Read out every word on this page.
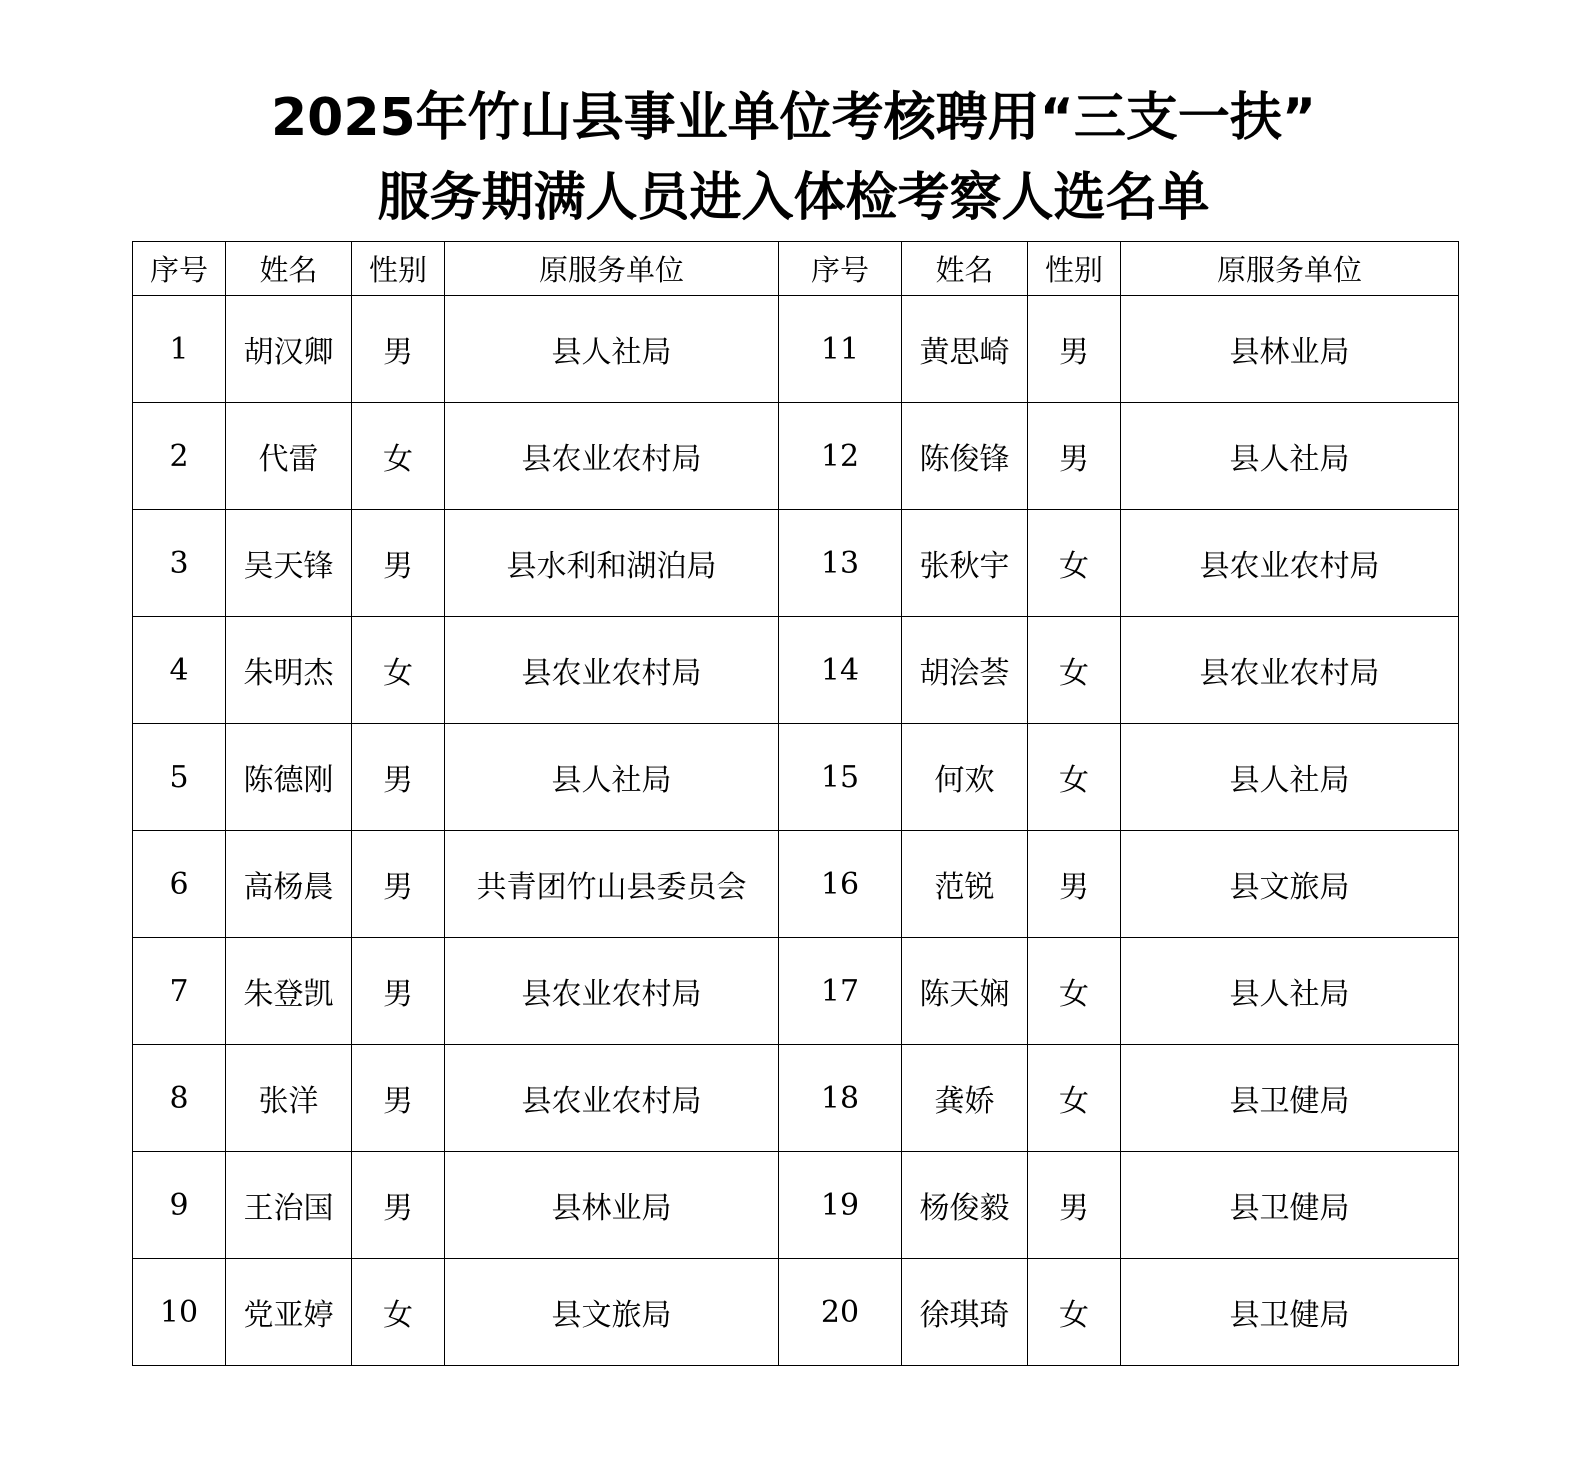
2025年竹山县事业单位考核聘用“三支一扶”
服务期满人员进入体检考察人选名单
序号	姓名	性别	原服务单位	序号	姓名	性别	原服务单位
1	胡汉卿	男	县人社局	11	黄思崎	男	县林业局
2	代雷	女	县农业农村局	12	陈俊锋	男	县人社局
3	吴天锋	男	县水利和湖泊局	13	张秋宇	女	县农业农村局
4	朱明杰	女	县农业农村局	14	胡浍荟	女	县农业农村局
5	陈德刚	男	县人社局	15	何欢	女	县人社局
6	高杨晨	男	共青团竹山县委员会	16	范锐	男	县文旅局
7	朱登凯	男	县农业农村局	17	陈天娴	女	县人社局
8	张洋	男	县农业农村局	18	龚娇	女	县卫健局
9	王治国	男	县林业局	19	杨俊毅	男	县卫健局
10	党亚婷	女	县文旅局	20	徐琪琦	女	县卫健局
